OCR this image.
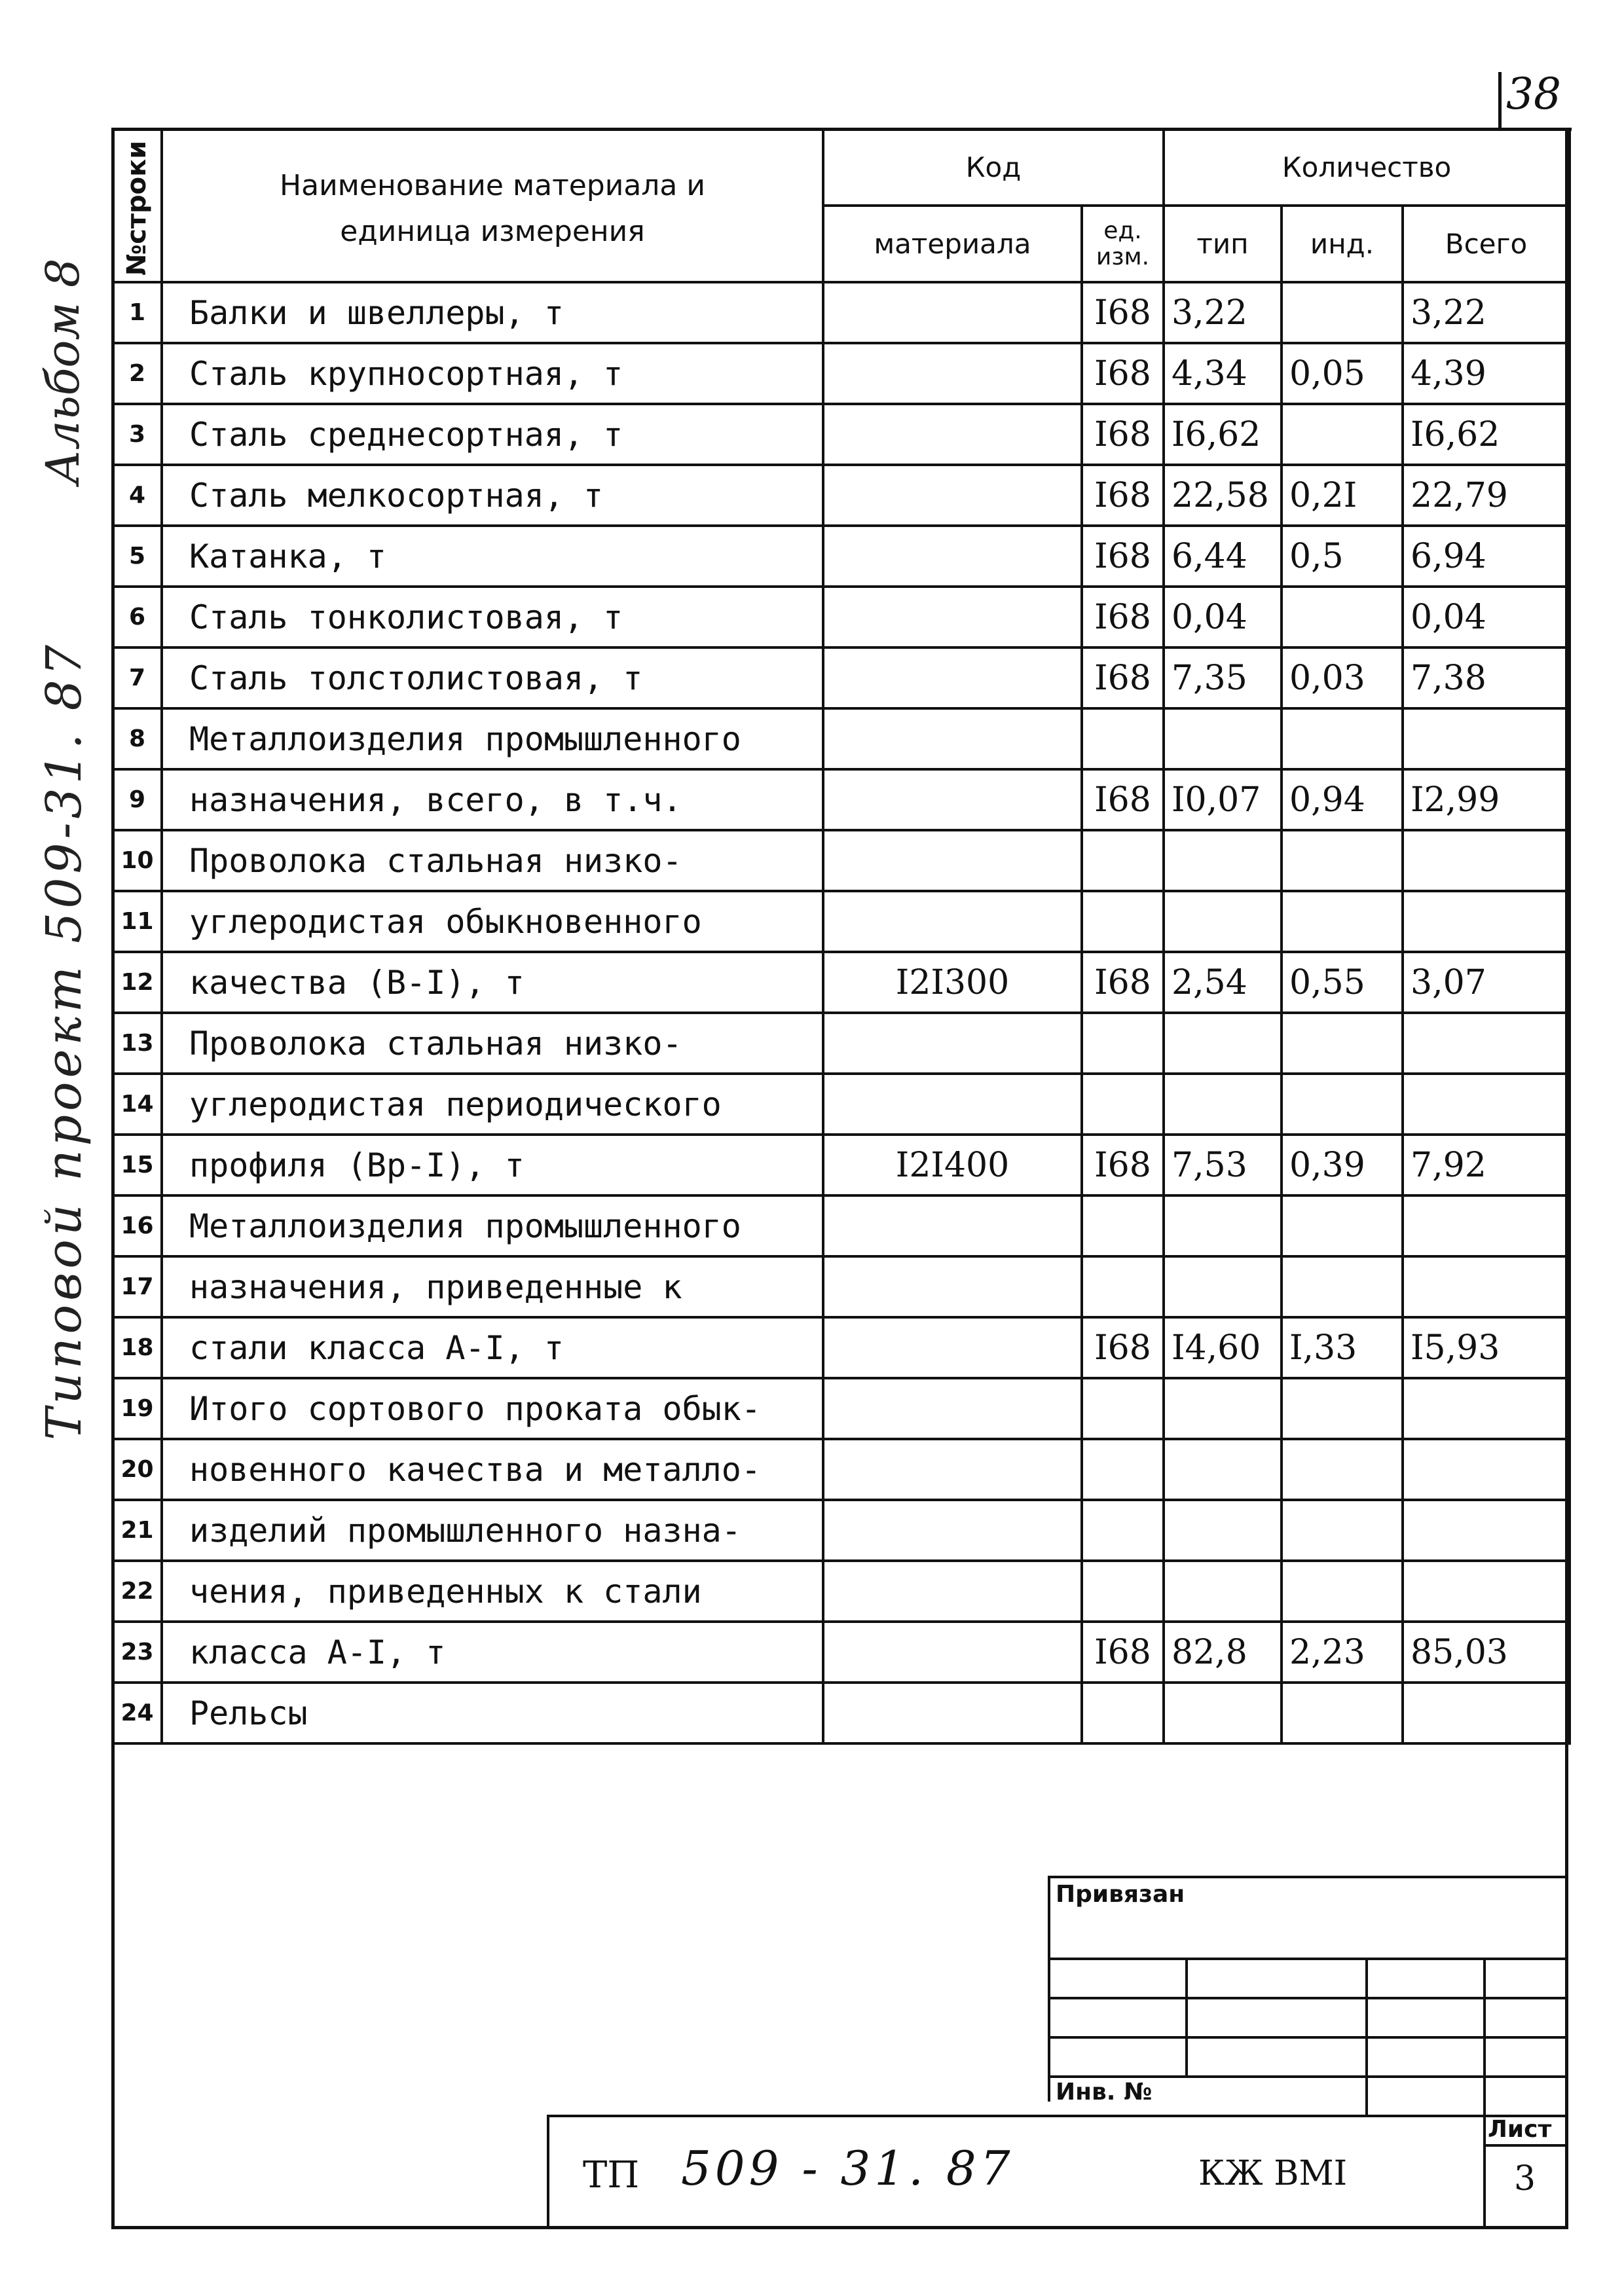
38
Альбом 8
Типовой проект 509-31. 87
№строки	Наименование материала и единица измерения	Код		Количество		
		материала	ед. изм.	тип	инд.	Всего
1	Балки и швеллеры, т		I68	3,22		3,22
2	Сталь крупносортная, т		I68	4,34	0,05	4,39
3	Сталь среднесортная, т		I68	I6,62		I6,62
4	Сталь мелкосортная, т		I68	22,58	0,2I	22,79
5	Катанка, т		I68	6,44	0,5	6,94
6	Сталь тонколистовая, т		I68	0,04		0,04
7	Сталь толстолистовая, т		I68	7,35	0,03	7,38
8	Металлоизделия промышленного					
9	назначения, всего, в т.ч.		I68	I0,07	0,94	I2,99
10	Проволока стальная низко-					
11	углеродистая обыкновенного					
12	качества (B-I), т	I2I300	I68	2,54	0,55	3,07
13	Проволока стальная низко-					
14	углеродистая периодического					
15	профиля (Bp-I), т	I2I400	I68	7,53	0,39	7,92
16	Металлоизделия промышленного					
17	назначения, приведенные к					
18	стали класса A-I, т		I68	I4,60	I,33	I5,93
19	Итого сортового проката обык-					
20	новенного качества и металло-					
21	изделий промышленного назна-					
22	чения, приведенных к стали					
23	класса A-I, т		I68	82,8	2,23	85,03
24	Рельсы					
Привязан
Инв. №
Лист
3
ТП 509 - 31. 87	КЖ ВМI
